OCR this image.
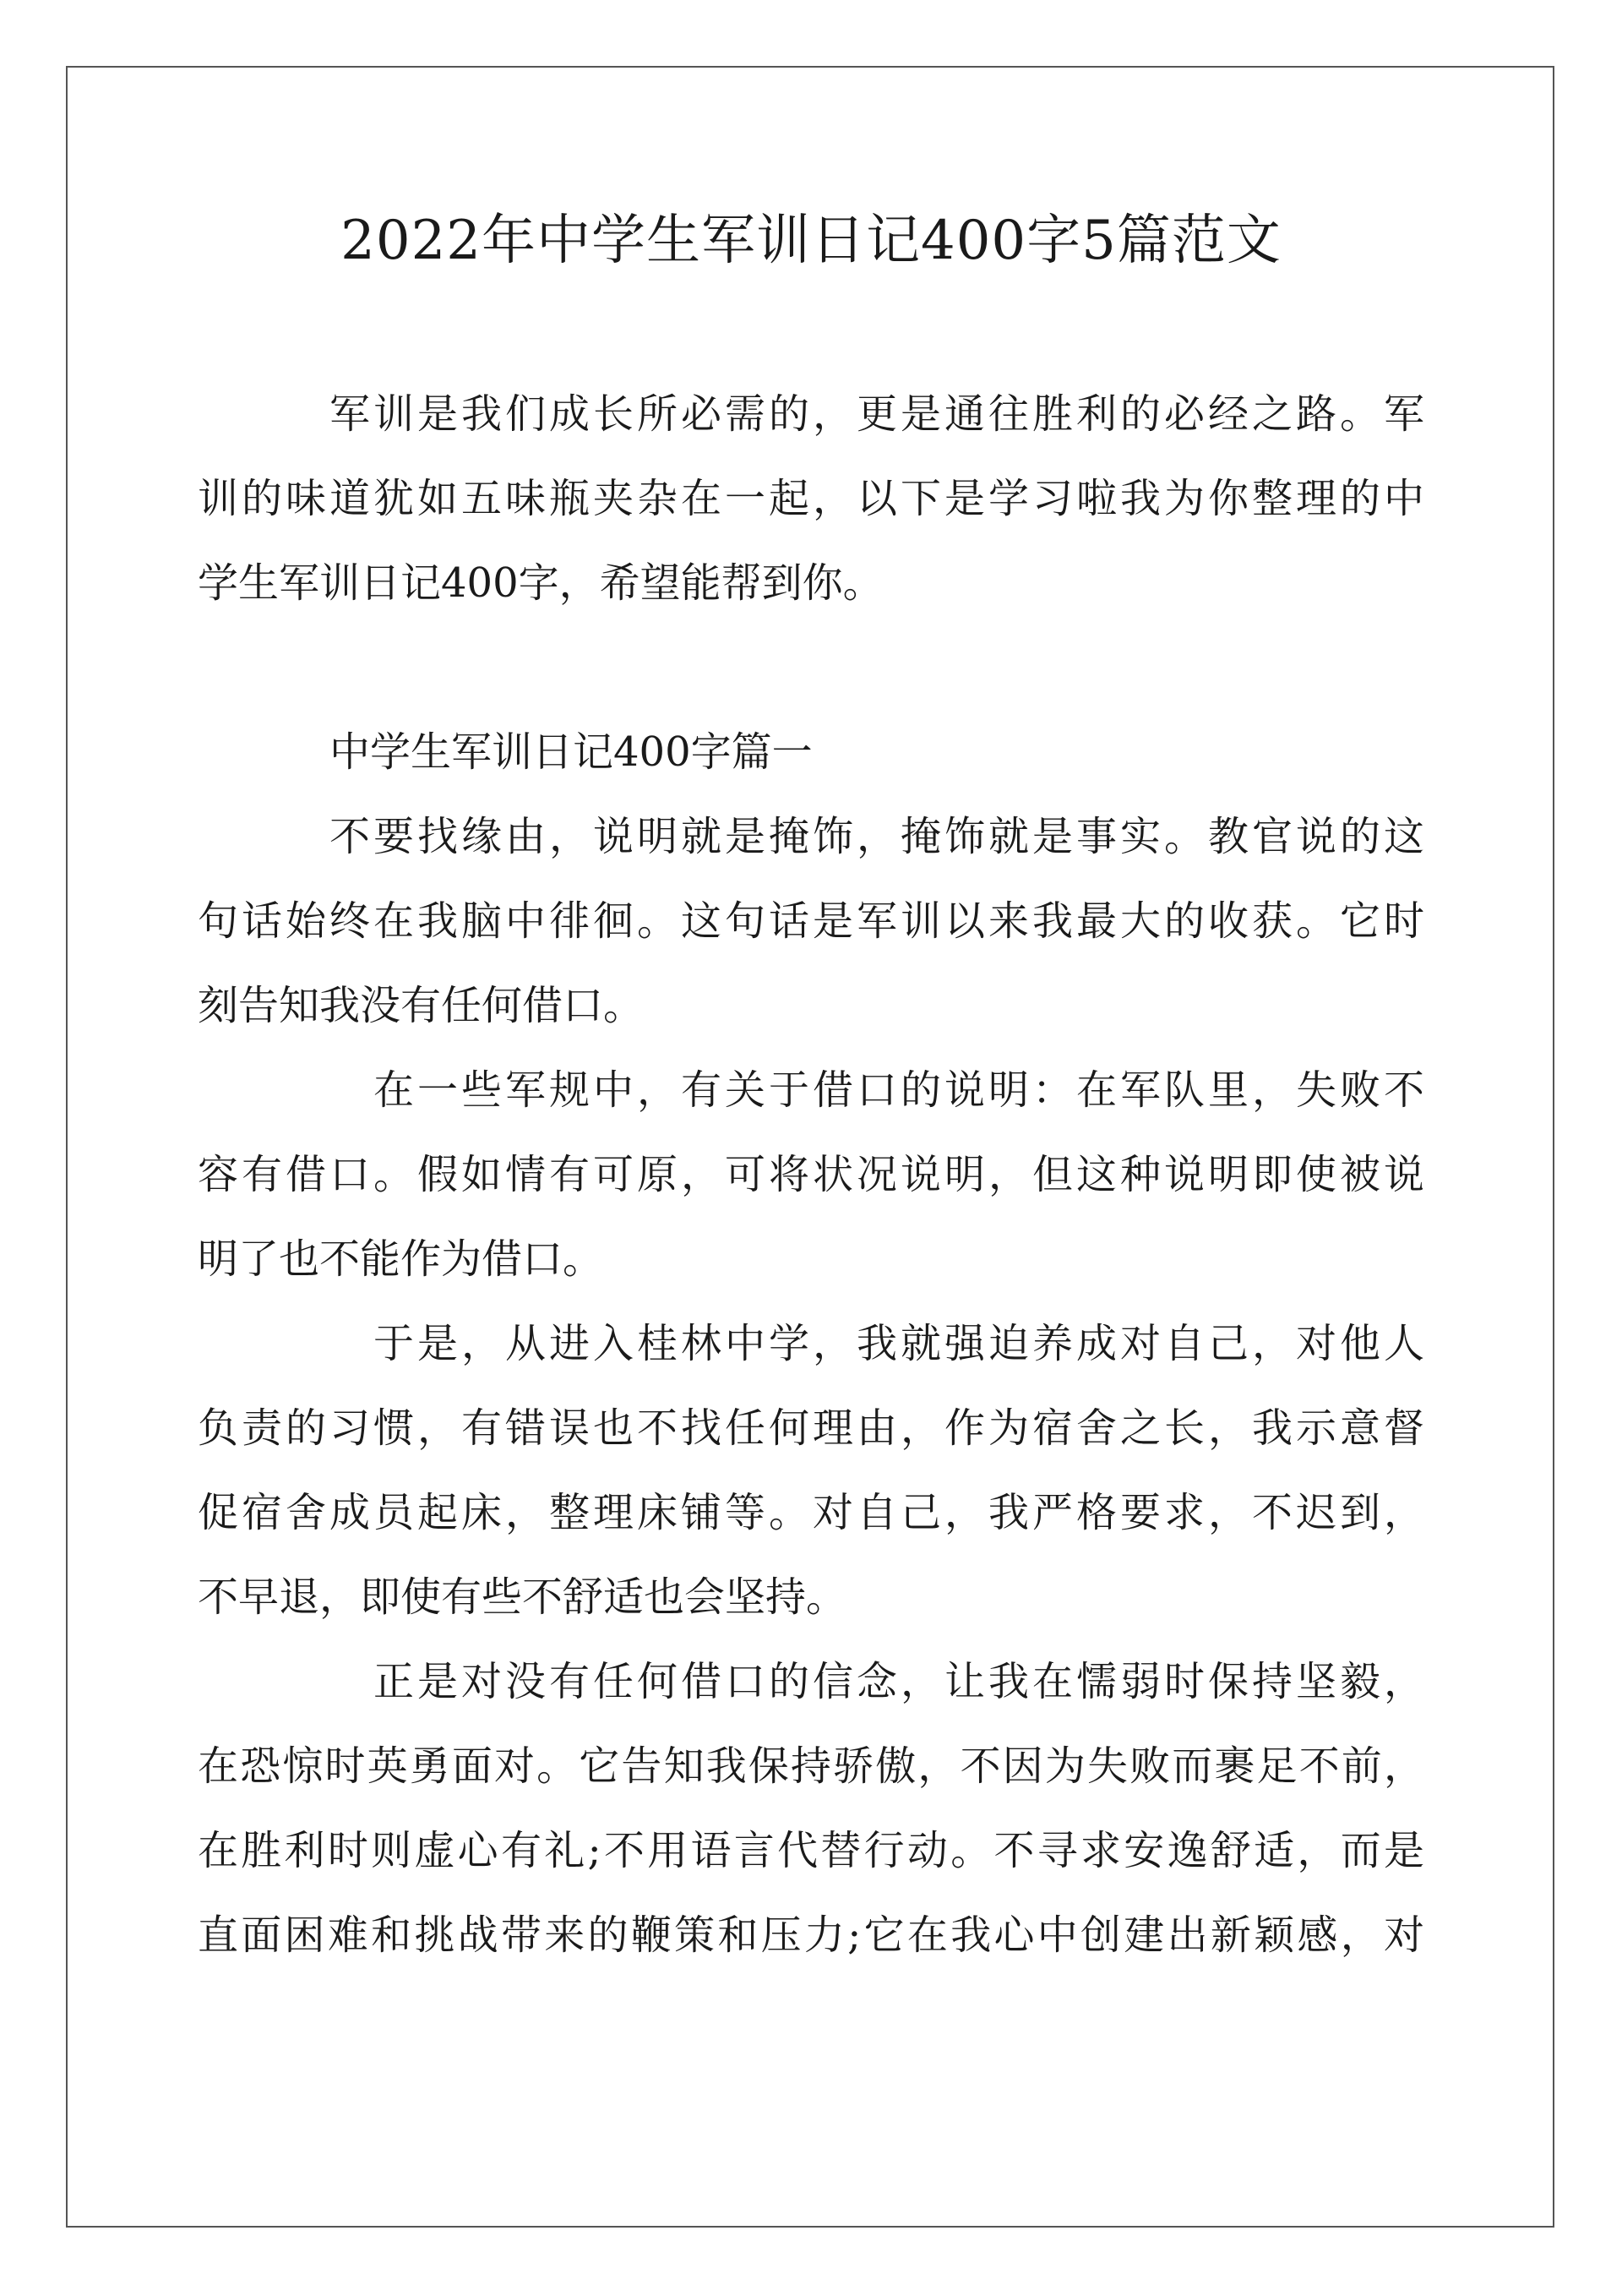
2022年中学生军训日记400字5篇范文
军训是我们成长所必需的，更是通往胜利的必经之路。军
训的味道犹如五味瓶夹杂在一起，以下是学习啦我为你整理的中
学生军训日记400字，希望能帮到你。
中学生军训日记400字篇一
不要找缘由，说明就是掩饰，掩饰就是事实。教官说的这
句话始终在我脑中徘徊。这句话是军训以来我最大的收获。它时
刻告知我没有任何借口。
在一些军规中，有关于借口的说明：在军队里，失败不
容有借口。假如情有可原，可将状况说明，但这种说明即使被说
明了也不能作为借口。
于是，从进入桂林中学，我就强迫养成对自己，对他人
负责的习惯，有错误也不找任何理由，作为宿舍之长，我示意督
促宿舍成员起床，整理床铺等。对自己，我严格要求，不迟到，
不早退，即使有些不舒适也会坚持。
正是对没有任何借口的信念，让我在懦弱时保持坚毅，
在恐惊时英勇面对。它告知我保持骄傲，不因为失败而裹足不前，
在胜利时则虚心有礼;不用语言代替行动。不寻求安逸舒适，而是
直面困难和挑战带来的鞭策和压力;它在我心中创建出新颖感，对
